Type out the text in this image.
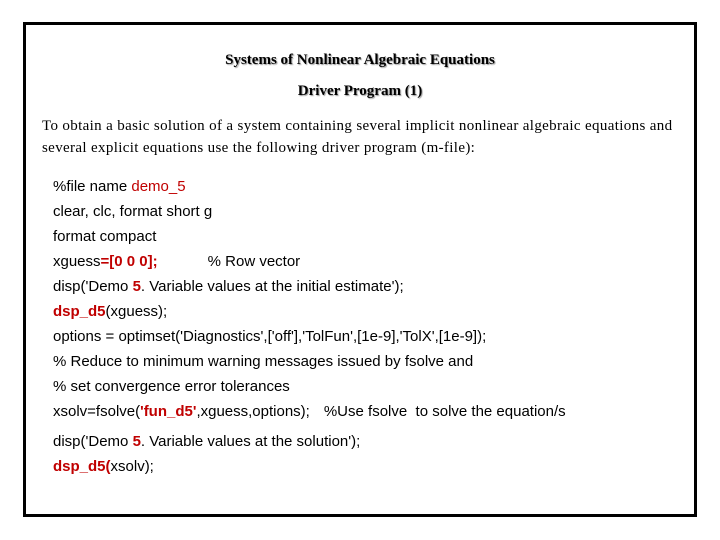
Systems of Nonlinear Algebraic Equations
Driver Program (1)

To obtain a basic solution of a system containing several implicit nonlinear algebraic equations and several explicit equations use the following driver program (m-file):

%file name demo_5
clear, clc, format short g
format compact
xguess=[0 0 0];	% Row vector
disp('Demo 5. Variable values at the initial estimate');
dsp_d5(xguess);
options = optimset('Diagnostics',['off'],'TolFun',[1e-9],'TolX',[1e-9]);
% Reduce to minimum warning messages issued by fsolve and
% set convergence error tolerances
xsolv=fsolve('fun_d5',xguess,options); %Use fsolve  to solve the equation/s
disp('Demo 5. Variable values at the solution');
dsp_d5(xsolv);
